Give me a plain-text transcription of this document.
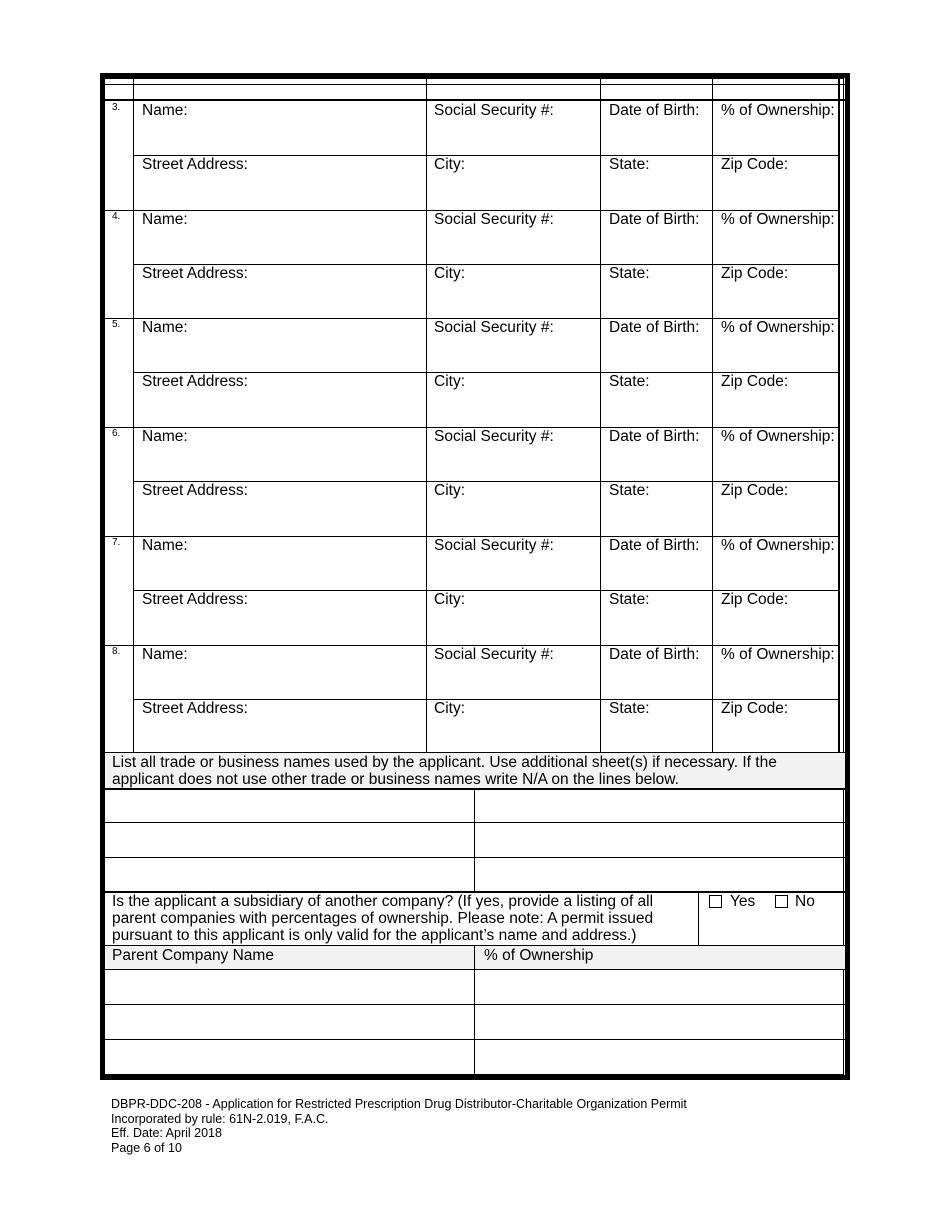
List all trade or business names used by the applicant. Use additional sheet(s) if necessary. If the applicant does not use other trade or business names write N/A on the lines below.
Is the applicant a subsidiary of another company? (If yes, provide a listing of all parent companies with percentages of ownership. Please note: A permit issued pursuant to this applicant is only valid for the applicant’s name and address.)
Yes	No
Parent Company Name	% of Ownership
DBPR-DDC-208 - Application for Restricted Prescription Drug Distributor-Charitable Organization Permit
Incorporated by rule: 61N-2.019, F.A.C.
Eff. Date: April 2018
Page 6 of 10
3. Name:	Social Security #:	Date of Birth: % of Ownership:
Street Address:	City:	State:	Zip Code:
4. Name:	Social Security #:	Date of Birth: % of Ownership:
Street Address:	City:	State:	Zip Code:
5. Name:	Social Security #:	Date of Birth: % of Ownership:
Street Address:	City:	State:	Zip Code:
6. Name:	Social Security #:	Date of Birth: % of Ownership:
Street Address:	City:	State:	Zip Code:
7. Name:	Social Security #:	Date of Birth: % of Ownership:
Street Address:	City:	State:	Zip Code:
8. Name:	Social Security #:	Date of Birth: % of Ownership:
Street Address:	City:	State:	Zip Code:
